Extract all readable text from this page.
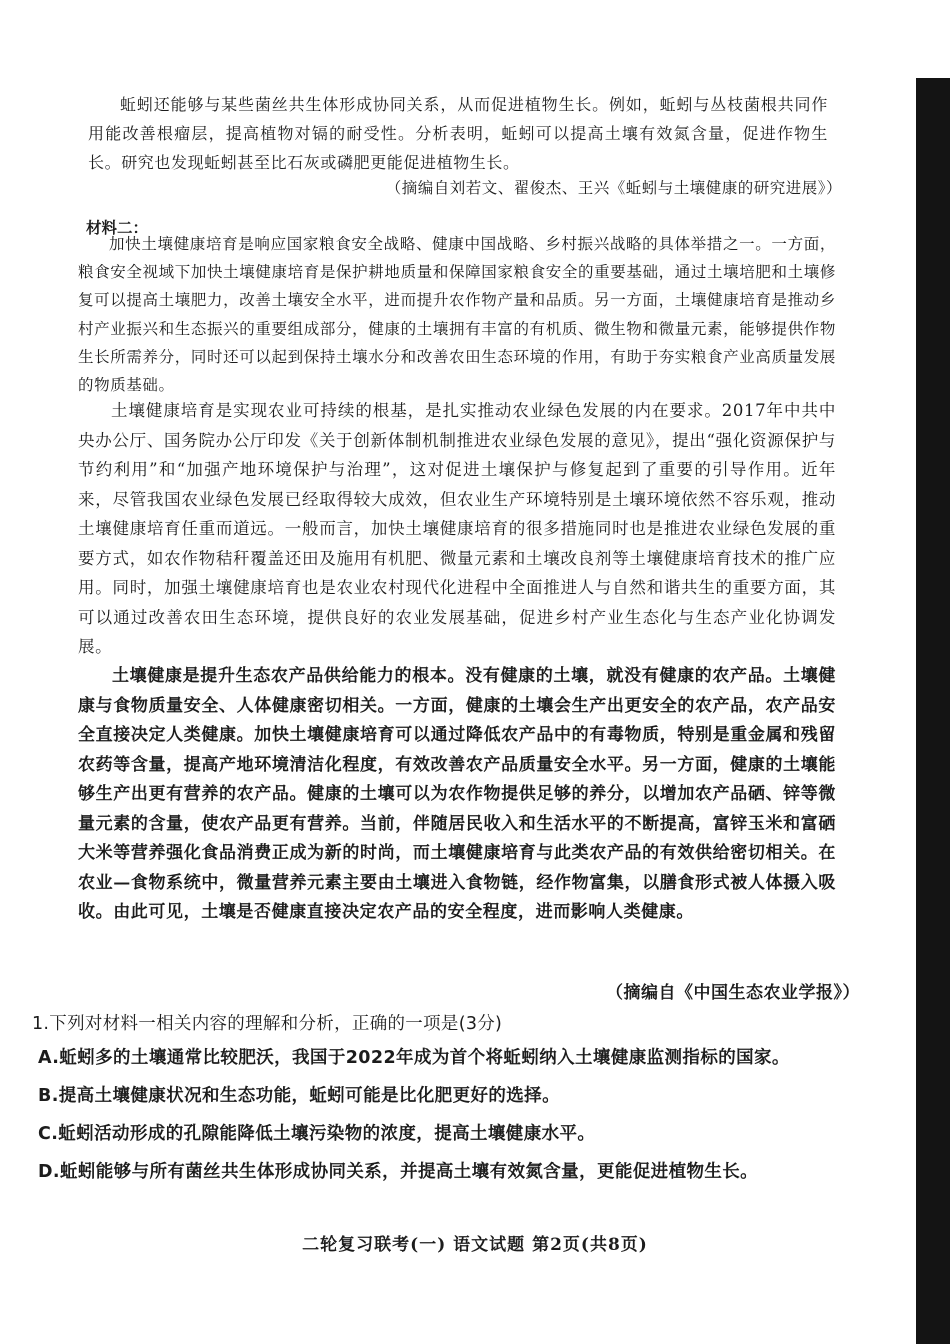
蚯蚓还能够与某些菌丝共生体形成协同关系，从而促进植物生长。例如，蚯蚓与丛枝菌根共同作用能改善根瘤层，提高植物对镉的耐受性。分析表明，蚯蚓可以提高土壤有效氮含量，促进作物生长。研究也发现蚯蚓甚至比石灰或磷肥更能促进植物生长。

（摘编自刘若文、翟俊杰、王兴《蚯蚓与土壤健康的研究进展》）
材料二：

加快土壤健康培育是响应国家粮食安全战略、健康中国战略、乡村振兴战略的具体举措之一。一方面，粮食安全视域下加快土壤健康培育是保护耕地质量和保障国家粮食安全的重要基础，通过土壤培肥和土壤修复可以提高土壤肥力，改善土壤安全水平，进而提升农作物产量和品质。另一方面，土壤健康培育是推动乡村产业振兴和生态振兴的重要组成部分，健康的土壤拥有丰富的有机质、微生物和微量元素，能够提供作物生长所需养分，同时还可以起到保持土壤水分和改善农田生态环境的作用，有助于夯实粮食产业高质量发展的物质基础。

土壤健康培育是实现农业可持续的根基，是扎实推动农业绿色发展的内在要求。2017年中共中央办公厅、国务院办公厅印发《关于创新体制机制推进农业绿色发展的意见》，提出“强化资源保护与节约利用”和“加强产地环境保护与治理”，这对促进土壤保护与修复起到了重要的引导作用。近年来，尽管我国农业绿色发展已经取得较大成效，但农业生产环境特别是土壤环境依然不容乐观，推动土壤健康培育任重而道远。一般而言，加快土壤健康培育的很多措施同时也是推进农业绿色发展的重要方式，如农作物秸秆覆盖还田及施用有机肥、微量元素和土壤改良剂等土壤健康培育技术的推广应用。同时，加强土壤健康培育也是农业农村现代化进程中全面推进人与自然和谐共生的重要方面，其可以通过改善农田生态环境，提供良好的农业发展基础，促进乡村产业生态化与生态产业化协调发展。

土壤健康是提升生态农产品供给能力的根本。没有健康的土壤，就没有健康的农产品。土壤健康与食物质量安全、人体健康密切相关。一方面，健康的土壤会生产出更安全的农产品，农产品安全直接决定人类健康。加快土壤健康培育可以通过降低农产品中的有毒物质，特别是重金属和残留农药等含量，提高产地环境清洁化程度，有效改善农产品质量安全水平。另一方面，健康的土壤能够生产出更有营养的农产品。健康的土壤可以为农作物提供足够的养分，以增加农产品硒、锌等微量元素的含量，使农产品更有营养。当前，伴随居民收入和生活水平的不断提高，富锌玉米和富硒大米等营养强化食品消费正成为新的时尚，而土壤健康培育与此类农产品的有效供给密切相关。在农业—食物系统中，微量营养元素主要由土壤进入食物链，经作物富集，以膳食形式被人体摄入吸收。由此可见，土壤是否健康直接决定农产品的安全程度，进而影响人类健康。

（摘编自《中国生态农业学报》）

1.下列对材料一相关内容的理解和分析，正确的一项是(3分)

A.蚯蚓多的土壤通常比较肥沃，我国于2022年成为首个将蚯蚓纳入土壤健康监测指标的国家。

B.提高土壤健康状况和生态功能，蚯蚓可能是比化肥更好的选择。

C.蚯蚓活动形成的孔隙能降低土壤污染物的浓度，提高土壤健康水平。

D.蚯蚓能够与所有菌丝共生体形成协同关系，并提高土壤有效氮含量，更能促进植物生长。

二轮复习联考(一) 语文试题 第2页(共8页)
